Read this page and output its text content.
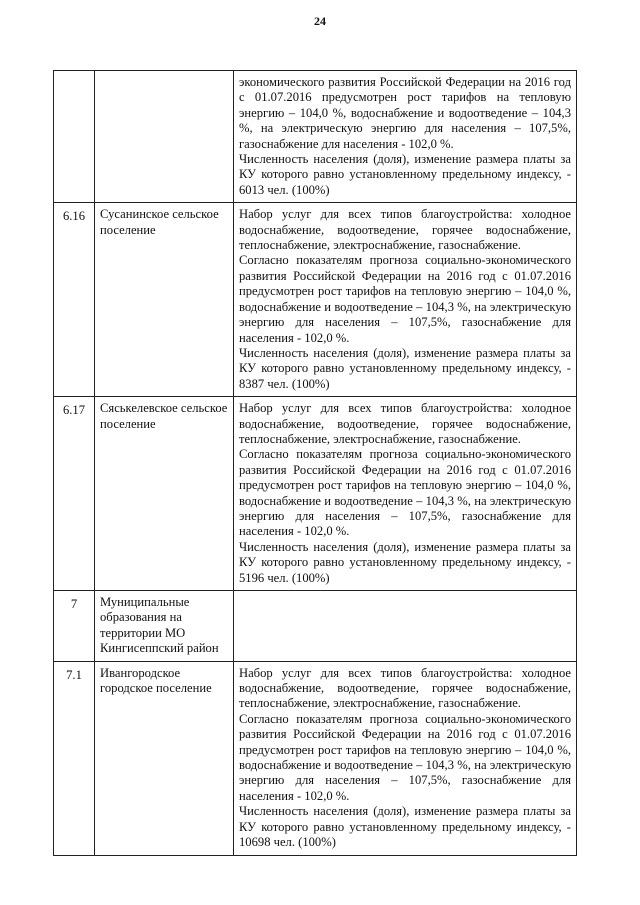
24

		экономического развития Российской Федерации на 2016 год с 01.07.2016 предусмотрен рост тарифов на тепловую энергию – 104,0 %, водоснабжение и водоотведение – 104,3 %, на электрическую энергию для населения – 107,5%, газоснабжение для населения - 102,0 %.
Численность населения (доля), изменение размера платы за КУ которого равно установленному предельному индексу, - 6013 чел. (100%)

6.16	Сусанинское сельское поселение	Набор услуг для всех типов благоустройства: холодное водоснабжение, водоотведение, горячее водоснабжение, теплоснабжение, электроснабжение, газоснабжение.
Согласно показателям прогноза социально-экономического развития Российской Федерации на 2016 год с 01.07.2016 предусмотрен рост тарифов на тепловую энергию – 104,0 %, водоснабжение и водоотведение – 104,3 %, на электрическую энергию для населения – 107,5%, газоснабжение для населения - 102,0 %.
Численность населения (доля), изменение размера платы за КУ которого равно установленному предельному индексу, - 8387 чел. (100%)

6.17	Сяськелевское сельское поселение	Набор услуг для всех типов благоустройства: холодное водоснабжение, водоотведение, горячее водоснабжение, теплоснабжение, электроснабжение, газоснабжение.
Согласно показателям прогноза социально-экономического развития Российской Федерации на 2016 год с 01.07.2016 предусмотрен рост тарифов на тепловую энергию – 104,0 %, водоснабжение и водоотведение – 104,3 %, на электрическую энергию для населения – 107,5%, газоснабжение для населения - 102,0 %.
Численность населения (доля), изменение размера платы за КУ которого равно установленному предельному индексу, - 5196 чел. (100%)

7	Муниципальные образования на территории МО Кингисеппский район	
7.1	Ивангородское городское поселение	Набор услуг для всех типов благоустройства: холодное водоснабжение, водоотведение, горячее водоснабжение, теплоснабжение, электроснабжение, газоснабжение.
Согласно показателям прогноза социально-экономического развития Российской Федерации на 2016 год с 01.07.2016 предусмотрен рост тарифов на тепловую энергию – 104,0 %, водоснабжение и водоотведение – 104,3 %, на электрическую энергию для населения – 107,5%, газоснабжение для населения - 102,0 %.
Численность населения (доля), изменение размера платы за КУ которого равно установленному предельному индексу, - 10698 чел. (100%)
